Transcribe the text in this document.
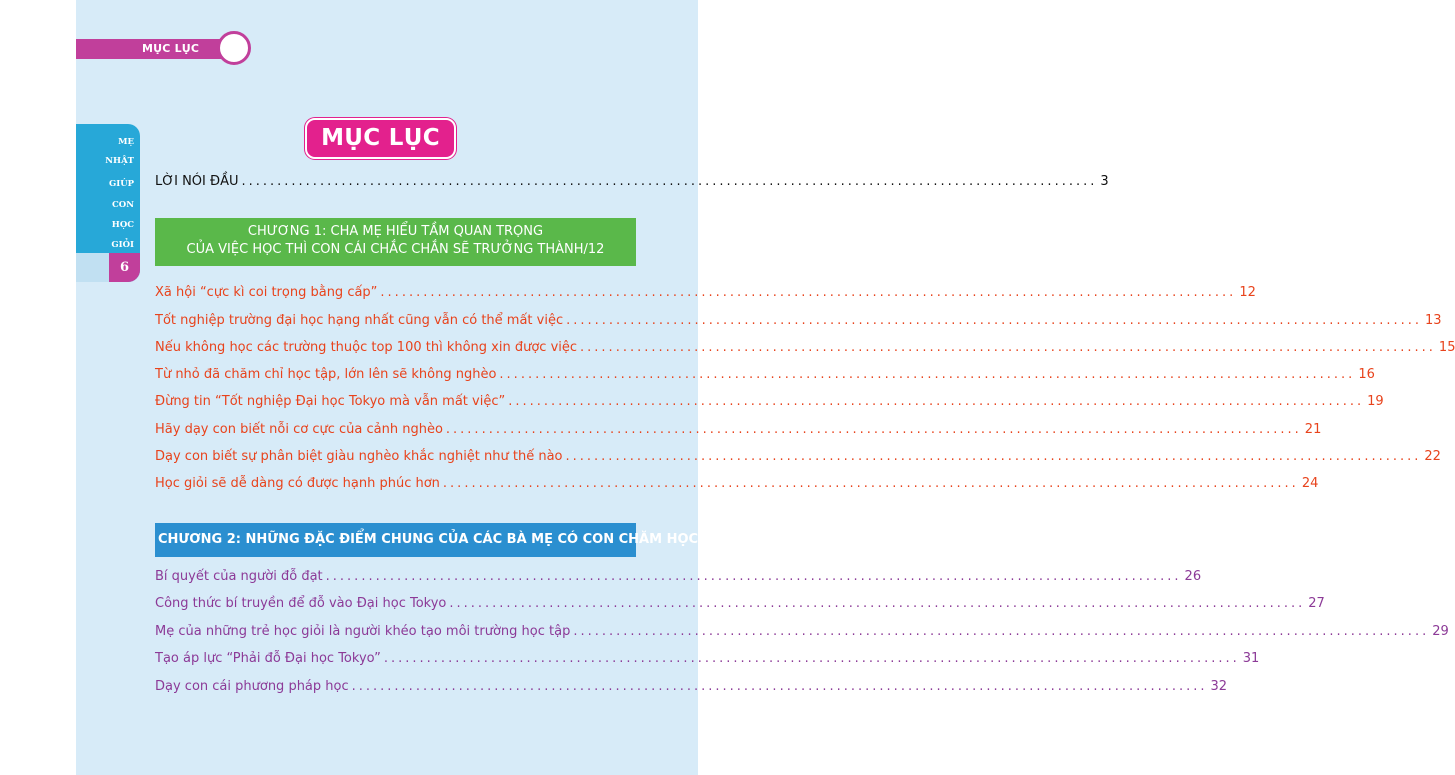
MỤC LỤC
MẸ
NHẬT
GIÚP
CON
HỌC
GIỎI
6
MỤC LỤC
LỜI NÓI ĐẦU ........................................................................................................................ 3
CHƯƠNG 1: CHA MẸ HIỂU TẦM QUAN TRỌNG
CỦA VIỆC HỌC THÌ CON CÁI CHẮC CHẮN SẼ TRƯỞNG THÀNH/12
Xã hội “cực kì coi trọng bằng cấp” ........................................................................................................................ 12
Tốt nghiệp trường đại học hạng nhất cũng vẫn có thể mất việc ........................................................................................................................ 13
Nếu không học các trường thuộc top 100 thì không xin được việc ........................................................................................................................ 15
Từ nhỏ đã chăm chỉ học tập, lớn lên sẽ không nghèo ........................................................................................................................ 16
Đừng tin “Tốt nghiệp Đại học Tokyo mà vẫn mất việc” ........................................................................................................................ 19
Hãy dạy con biết nỗi cơ cực của cảnh nghèo ........................................................................................................................ 21
Dạy con biết sự phân biệt giàu nghèo khắc nghiệt như thế nào ........................................................................................................................ 22
Học giỏi sẽ dễ dàng có được hạnh phúc hơn ........................................................................................................................ 24
CHƯƠNG 2: NHỮNG ĐẶC ĐIỂM CHUNG CỦA CÁC BÀ MẸ CÓ CON CHĂM HỌC/26
Bí quyết của người đỗ đạt ........................................................................................................................ 26
Công thức bí truyền để đỗ vào Đại học Tokyo ........................................................................................................................ 27
Mẹ của những trẻ học giỏi là người khéo tạo môi trường học tập ........................................................................................................................ 29
Tạo áp lực “Phải đỗ Đại học Tokyo” ........................................................................................................................ 31
Dạy con cái phương pháp học ........................................................................................................................ 32
